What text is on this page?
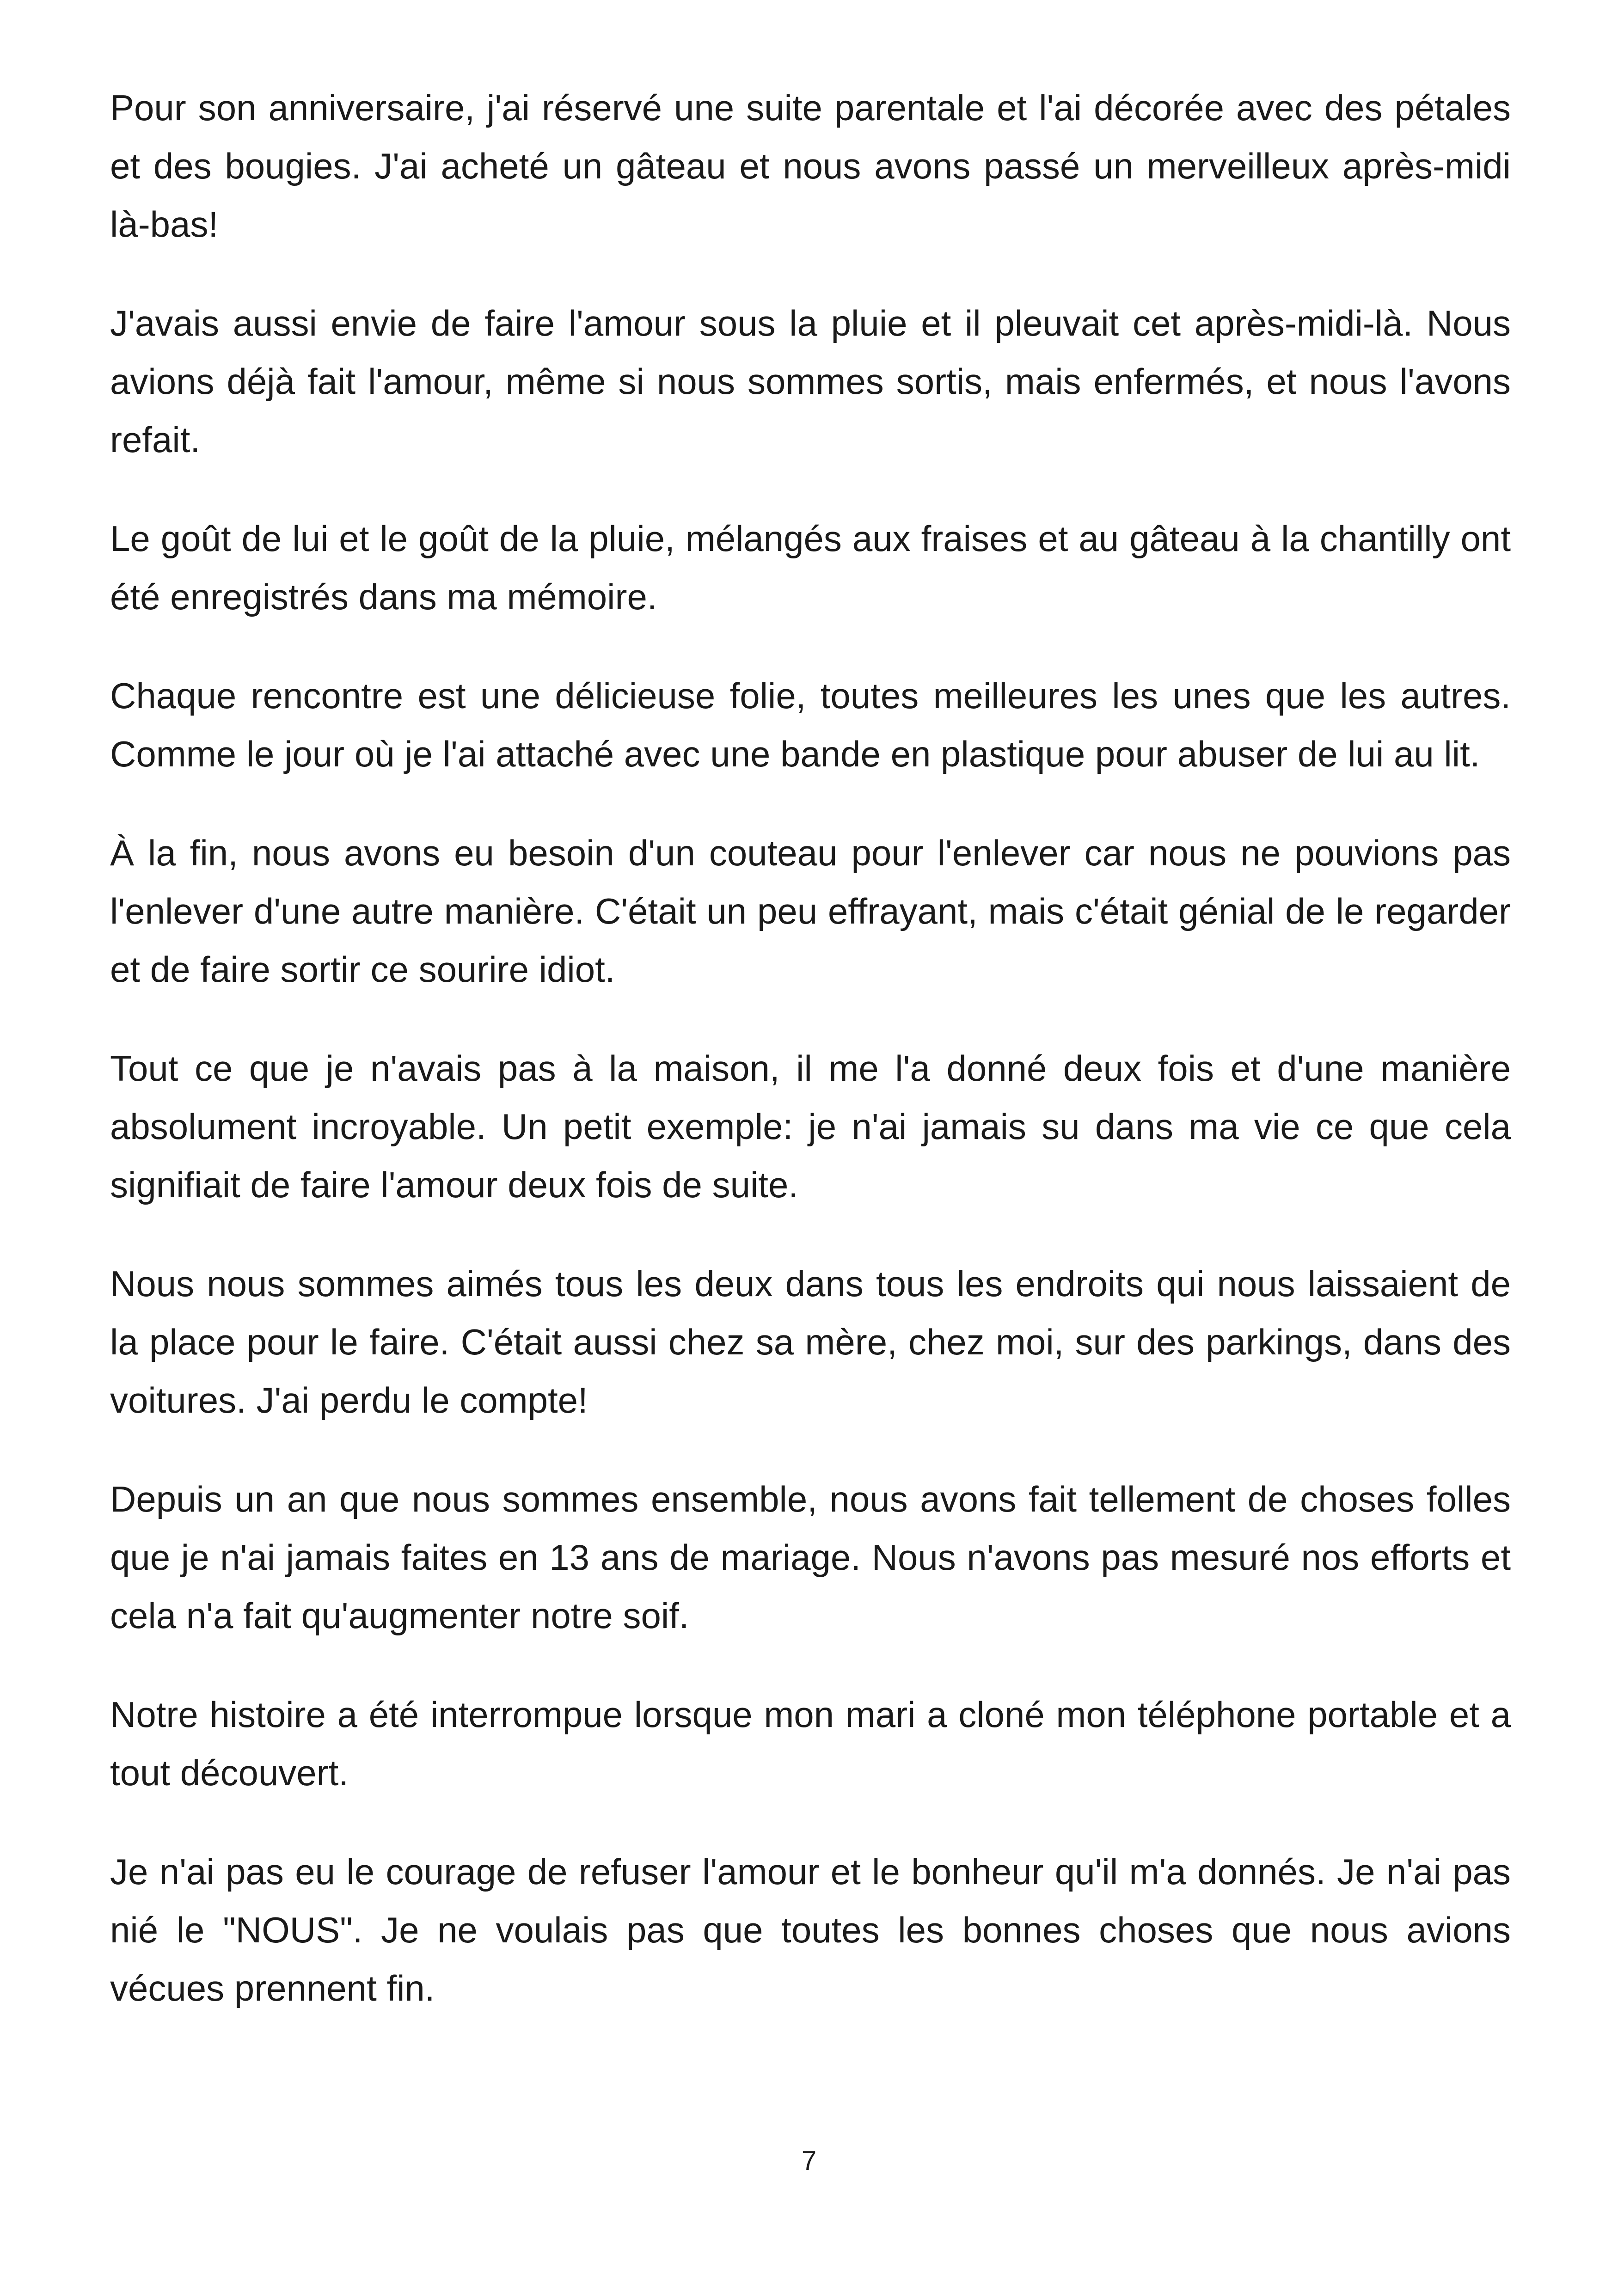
Pour son anniversaire, j'ai réservé une suite parentale et l'ai décorée avec des pétales et des bougies. J'ai acheté un gâteau et nous avons passé un merveilleux après-midi là-bas!

J'avais aussi envie de faire l'amour sous la pluie et il pleuvait cet après-midi-là. Nous avions déjà fait l'amour, même si nous sommes sortis, mais enfermés, et nous l'avons refait.

Le goût de lui et le goût de la pluie, mélangés aux fraises et au gâteau à la chantilly ont été enregistrés dans ma mémoire.

Chaque rencontre est une délicieuse folie, toutes meilleures les unes que les autres. Comme le jour où je l'ai attaché avec une bande en plastique pour abuser de lui au lit.

À la fin, nous avons eu besoin d'un couteau pour l'enlever car nous ne pouvions pas l'enlever d'une autre manière. C'était un peu effrayant, mais c'était génial de le regarder et de faire sortir ce sourire idiot.

Tout ce que je n'avais pas à la maison, il me l'a donné deux fois et d'une manière absolument incroyable. Un petit exemple: je n'ai jamais su dans ma vie ce que cela signifiait de faire l'amour deux fois de suite.

Nous nous sommes aimés tous les deux dans tous les endroits qui nous laissaient de la place pour le faire. C'était aussi chez sa mère, chez moi, sur des parkings, dans des voitures. J'ai perdu le compte!

Depuis un an que nous sommes ensemble, nous avons fait tellement de choses folles que je n'ai jamais faites en 13 ans de mariage. Nous n'avons pas mesuré nos efforts et cela n'a fait qu'augmenter notre soif.

Notre histoire a été interrompue lorsque mon mari a cloné mon téléphone portable et a tout découvert.

Je n'ai pas eu le courage de refuser l'amour et le bonheur qu'il m'a donnés. Je n'ai pas nié le "NOUS". Je ne voulais pas que toutes les bonnes choses que nous avions vécues prennent fin.

7
